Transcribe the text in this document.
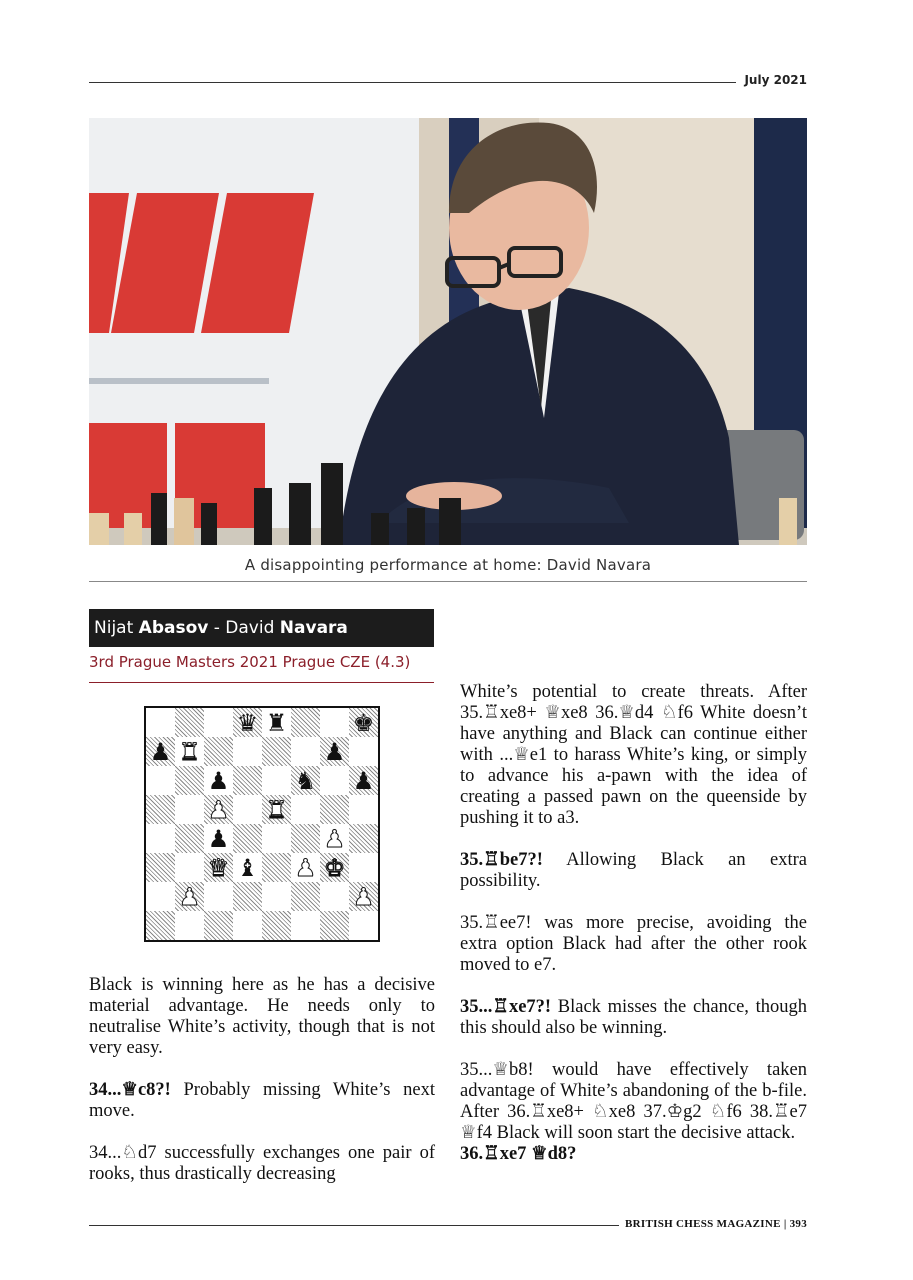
July 2021
A disappointing performance at home: David Navara
Nijat Abasov - David Navara
3rd Prague Masters 2021 Prague CZE (4.3)
♛ ♜	♚
♟ ♜	♟
♟	♞ ♟
♟ ♜
♟	♟
♛ ♝ ♟ ♚
♟	♟

Black is winning here as he has a decisive material advantage. He needs only to neutralise White’s activity, though that is not very easy.

34...♕c8?! Probably missing White’s next move.

34...♘d7 successfully exchanges one pair of rooks, thus drastically decreasing

White’s potential to create threats. After 35.♖xe8+ ♕xe8 36.♕d4 ♘f6 White doesn’t have anything and Black can continue either with ...♕e1 to harass White’s king, or simply to advance his a-pawn with the idea of creating a passed pawn on the queenside by pushing it to a3.

35.♖be7?! Allowing Black an extra possibility.

35.♖ee7! was more precise, avoiding the extra option Black had after the other rook moved to e7.

35...♖xe7?! Black misses the chance, though this should also be winning.

35...♕b8! would have effectively taken advantage of White’s abandoning of the b-file. After 36.♖xe8+ ♘xe8 37.♔g2 ♘f6 38.♖e7 ♕f4 Black will soon start the decisive attack.

36.♖xe7 ♕d8?

BRITISH CHESS MAGAZINE | 393
